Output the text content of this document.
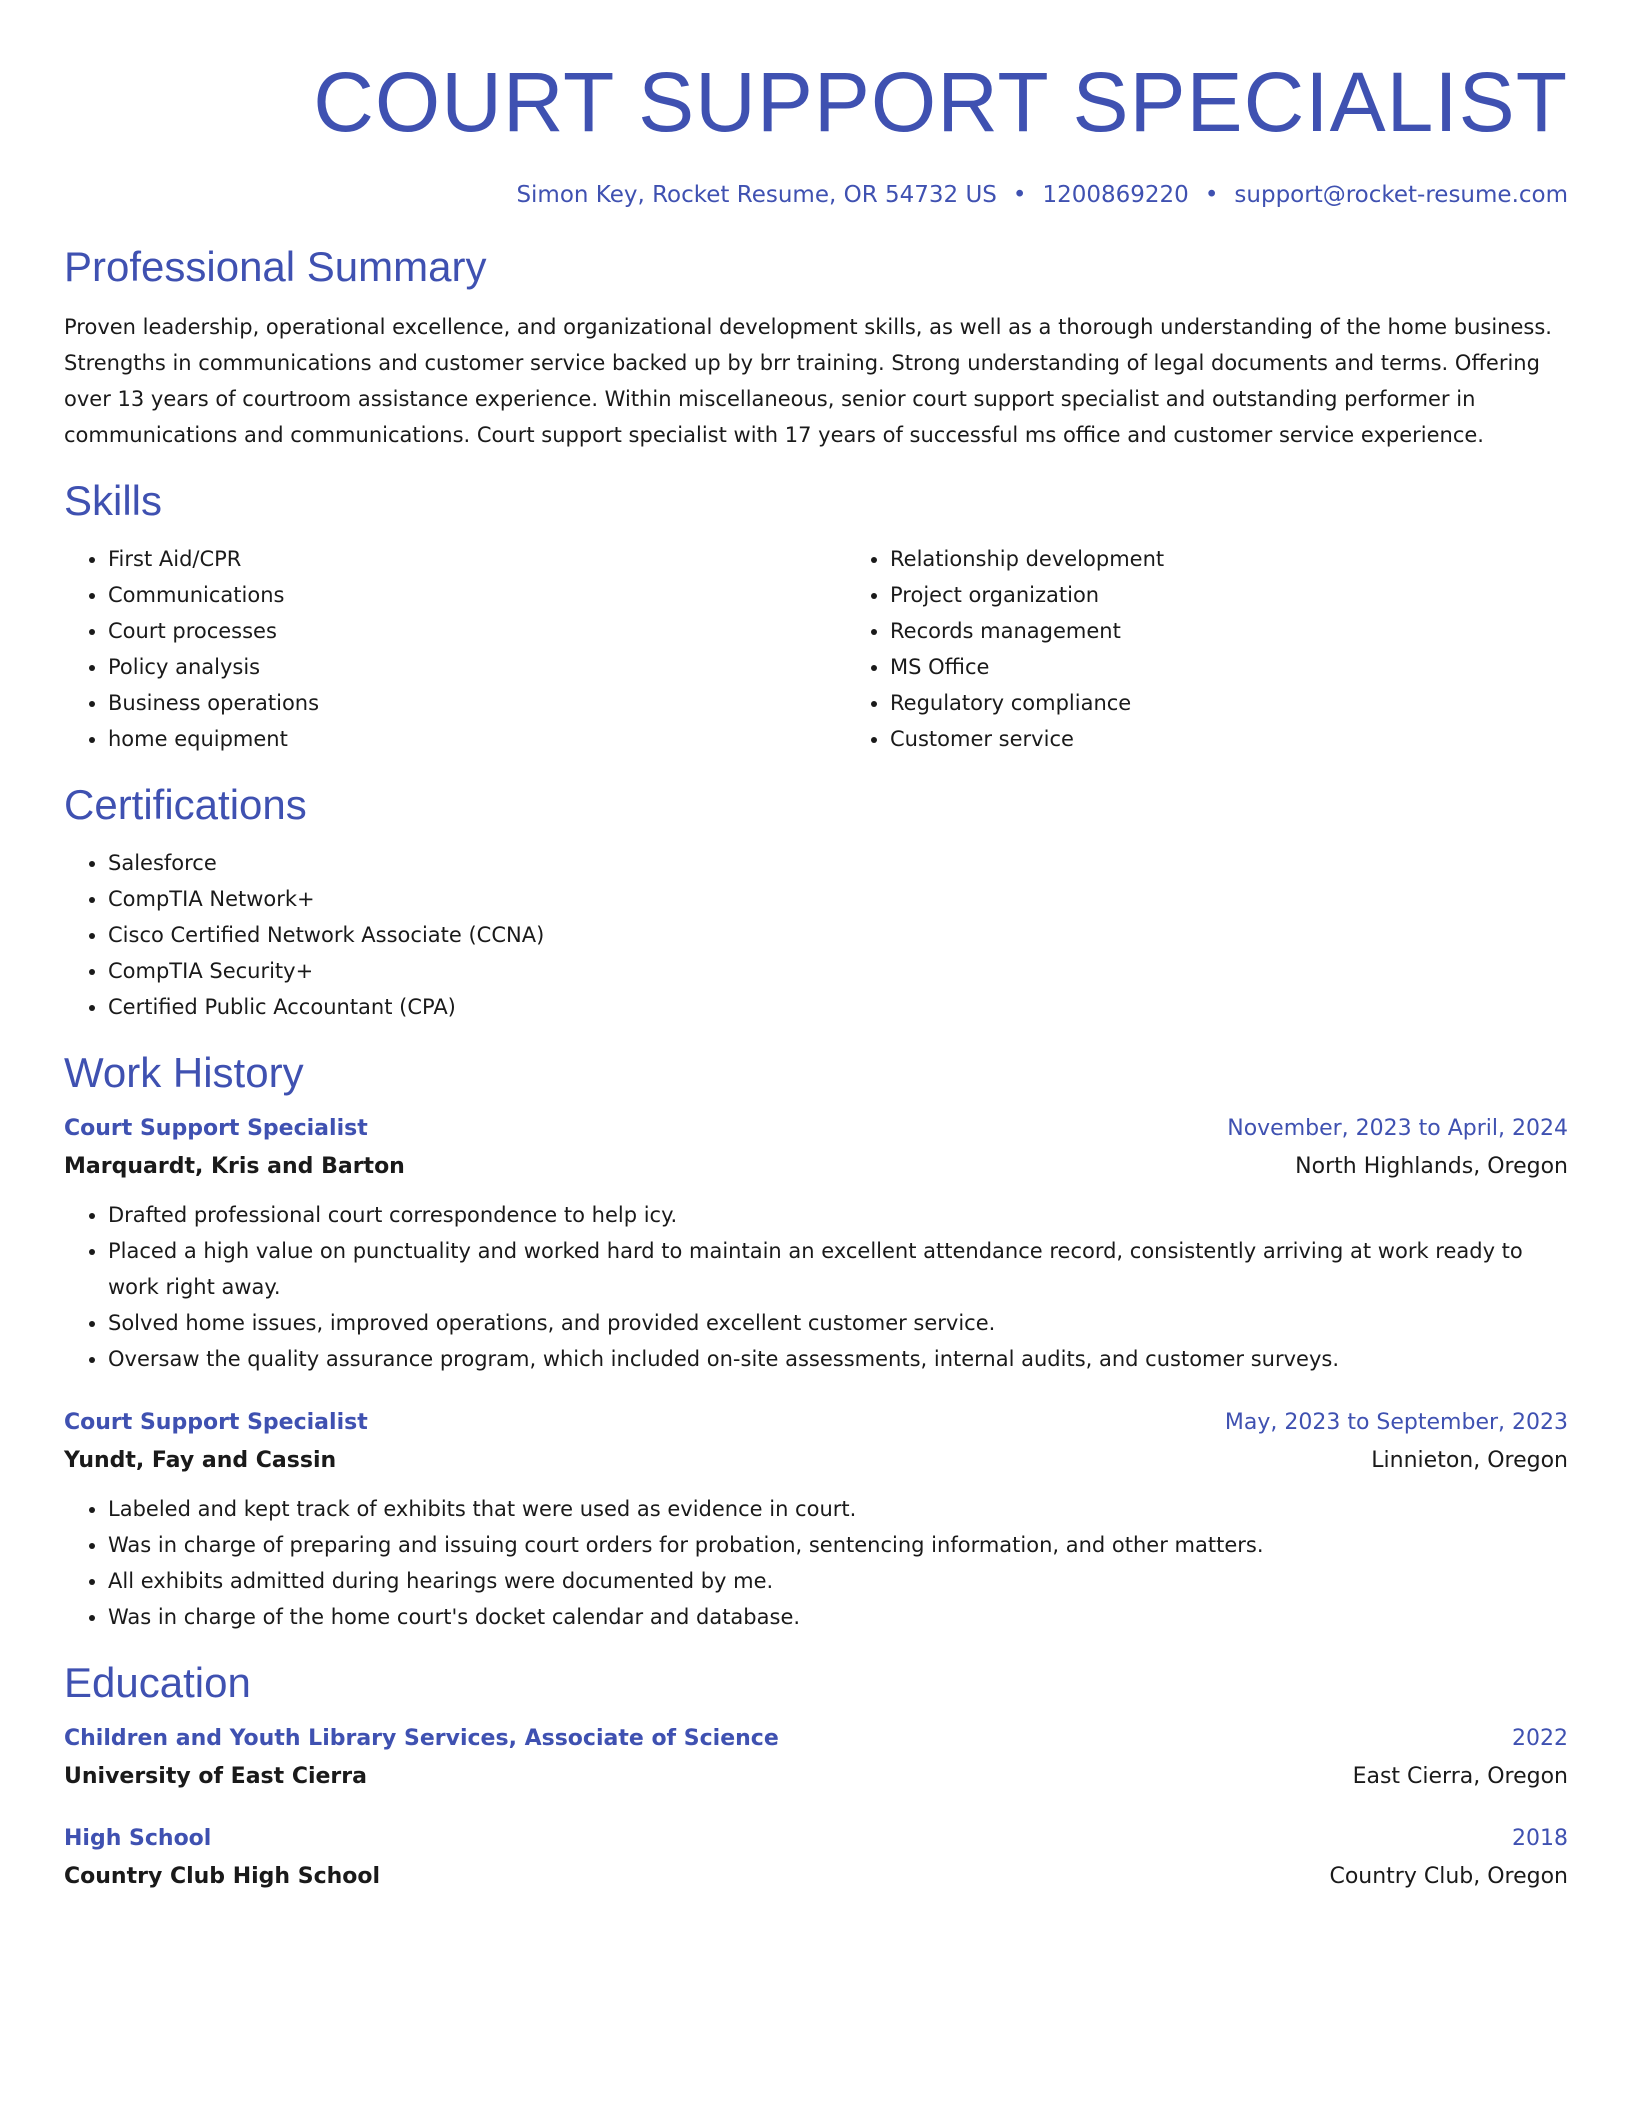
COURT SUPPORT SPECIALIST
Simon Key, Rocket Resume, OR 54732 US • 1200869220 • support@rocket-resume.com
Professional Summary

Proven leadership, operational excellence, and organizational development skills, as well as a thorough understanding of the home business. Strengths in communications and customer service backed up by brr training. Strong understanding of legal documents and terms. Offering over 13 years of courtroom assistance experience. Within miscellaneous, senior court support specialist and outstanding performer in communications and communications. Court support specialist with 17 years of successful ms office and customer service experience.

Skills
• First Aid/CPR
• Communications
• Court processes
• Policy analysis
• Business operations
• home equipment
• Relationship development
• Project organization
• Records management
• MS Office
• Regulatory compliance
• Customer service
Certifications
• Salesforce
• CompTIA Network+
• Cisco Certified Network Associate (CCNA)
• CompTIA Security+
• Certified Public Accountant (CPA)
Work History
Court Support Specialist	November, 2023 to April, 2024
Marquardt, Kris and Barton	North Highlands, Oregon
• Drafted professional court correspondence to help icy.
• Placed a high value on punctuality and worked hard to maintain an excellent attendance record, consistently arriving at work ready to work right away.
• Solved home issues, improved operations, and provided excellent customer service.
• Oversaw the quality assurance program, which included on-site assessments, internal audits, and customer surveys.
Court Support Specialist	May, 2023 to September, 2023
Yundt, Fay and Cassin	Linnieton, Oregon
• Labeled and kept track of exhibits that were used as evidence in court.
• Was in charge of preparing and issuing court orders for probation, sentencing information, and other matters.
• All exhibits admitted during hearings were documented by me.
• Was in charge of the home court's docket calendar and database.
Education
Children and Youth Library Services, Associate of Science	2022
University of East Cierra	East Cierra, Oregon
High School	2018
Country Club High School	Country Club, Oregon
